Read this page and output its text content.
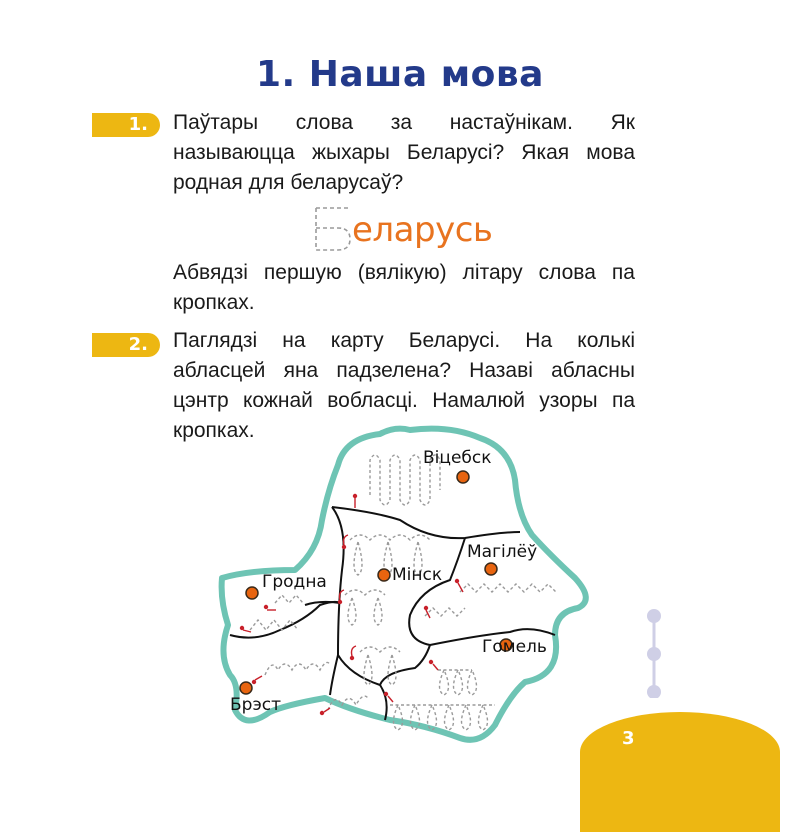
1. Наша мова
1.	Паўтары слова за настаўнікам. Як называюцца жыхары Беларусі? Якая мова родная для беларусаў?
еларусь
Абвядзі першую (вялікую) літару слова па кропках.
2.	Паглядзі на карту Беларусі. На колькі абласцей яна падзелена? Назаві абласны цэнтр кожнай вобласці. Намалюй узоры па кропках.
Віцебск
Магілёў
Мінск
Гродна
Гомель
Брэст
3
